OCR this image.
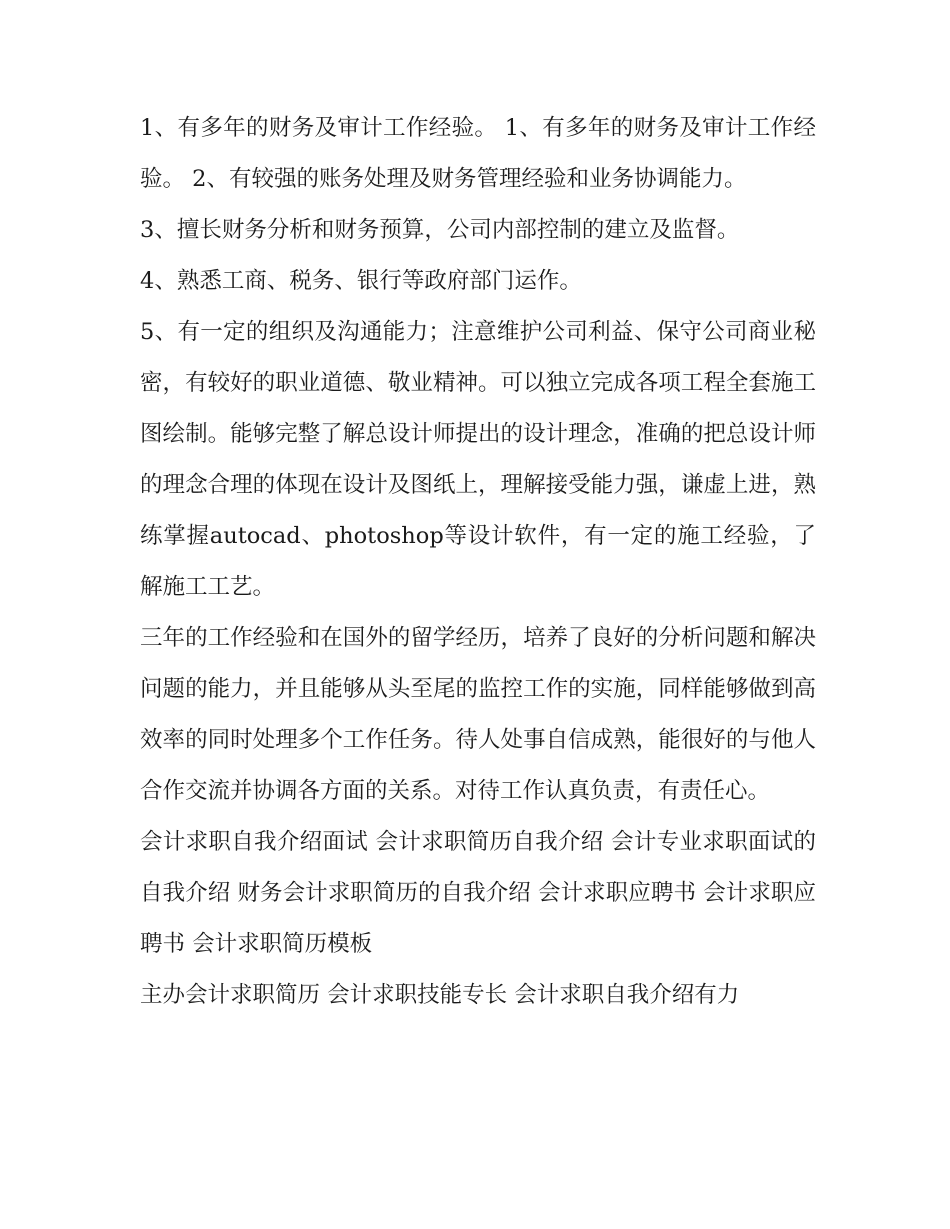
1、有多年的财务及审计工作经验。 1、有多年的财务及审计工作经验。 2、有较强的账务处理及财务管理经验和业务协调能力。

3、擅长财务分析和财务预算，公司内部控制的建立及监督。

4、熟悉工商、税务、银行等政府部门运作。

5、有一定的组织及沟通能力；注意维护公司利益、保守公司商业秘密，有较好的职业道德、敬业精神。可以独立完成各项工程全套施工图绘制。能够完整了解总设计师提出的设计理念，准确的把总设计师的理念合理的体现在设计及图纸上，理解接受能力强，谦虚上进，熟练掌握autocad、photoshop等设计软件，有一定的施工经验，了解施工工艺。

三年的工作经验和在国外的留学经历，培养了良好的分析问题和解决问题的能力，并且能够从头至尾的监控工作的实施，同样能够做到高效率的同时处理多个工作任务。待人处事自信成熟，能很好的与他人合作交流并协调各方面的关系。对待工作认真负责，有责任心。

会计求职自我介绍面试 会计求职简历自我介绍 会计专业求职面试的自我介绍 财务会计求职简历的自我介绍 会计求职应聘书 会计求职应聘书 会计求职简历模板

主办会计求职简历 会计求职技能专长 会计求职自我介绍有力
